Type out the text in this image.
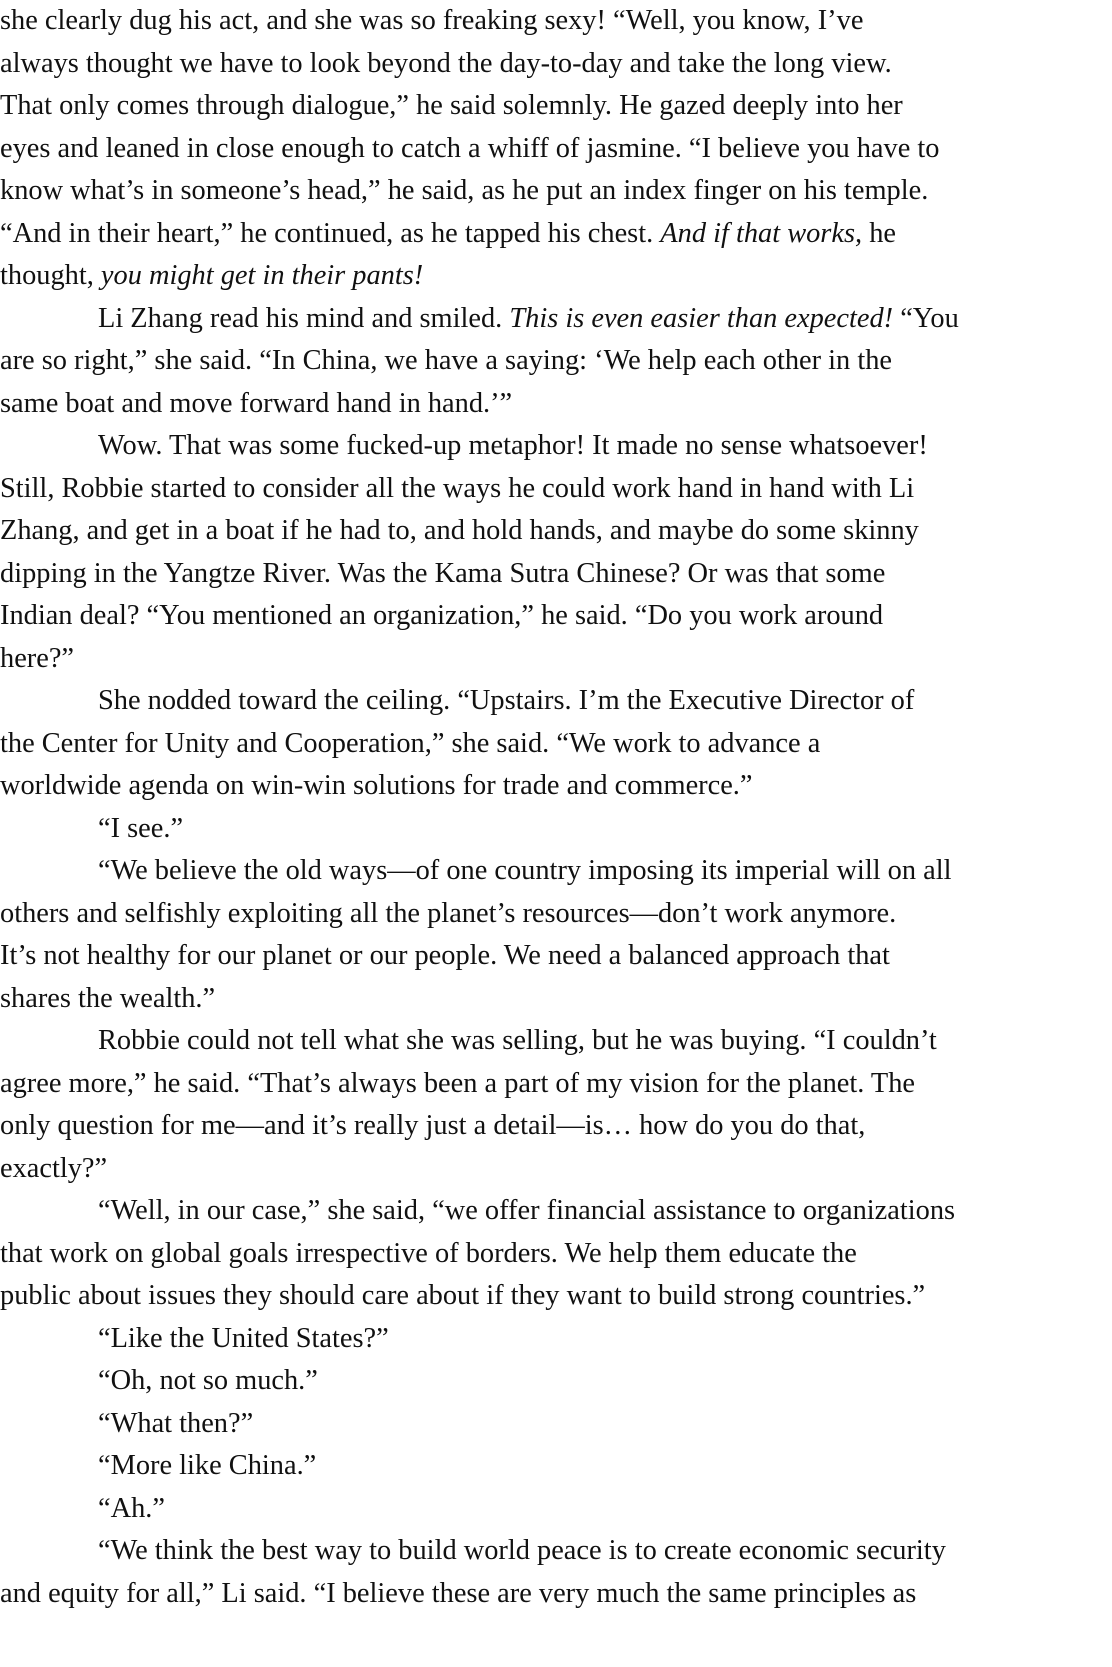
she clearly dug his act, and she was so freaking sexy! “Well, you know, I’ve
always thought we have to look beyond the day-to-day and take the long view.
That only comes through dialogue,” he said solemnly. He gazed deeply into her
eyes and leaned in close enough to catch a whiff of jasmine. “I believe you have to
know what’s in someone’s head,” he said, as he put an index finger on his temple.
“And in their heart,” he continued, as he tapped his chest. And if that works, he
thought, you might get in their pants!
Li Zhang read his mind and smiled. This is even easier than expected! “You
are so right,” she said. “In China, we have a saying: ‘We help each other in the
same boat and move forward hand in hand.’”
Wow. That was some fucked-up metaphor! It made no sense whatsoever!
Still, Robbie started to consider all the ways he could work hand in hand with Li
Zhang, and get in a boat if he had to, and hold hands, and maybe do some skinny
dipping in the Yangtze River. Was the Kama Sutra Chinese? Or was that some
Indian deal? “You mentioned an organization,” he said. “Do you work around
here?”
She nodded toward the ceiling. “Upstairs. I’m the Executive Director of
the Center for Unity and Cooperation,” she said. “We work to advance a
worldwide agenda on win-win solutions for trade and commerce.”
“I see.”
“We believe the old ways—of one country imposing its imperial will on all
others and selfishly exploiting all the planet’s resources—don’t work anymore.
It’s not healthy for our planet or our people. We need a balanced approach that
shares the wealth.”
Robbie could not tell what she was selling, but he was buying. “I couldn’t
agree more,” he said. “That’s always been a part of my vision for the planet. The
only question for me—and it’s really just a detail—is… how do you do that,
exactly?”
“Well, in our case,” she said, “we offer financial assistance to organizations
that work on global goals irrespective of borders. We help them educate the
public about issues they should care about if they want to build strong countries.”
“Like the United States?”
“Oh, not so much.”
“What then?”
“More like China.”
“Ah.”
“We think the best way to build world peace is to create economic security
and equity for all,” Li said. “I believe these are very much the same principles as
